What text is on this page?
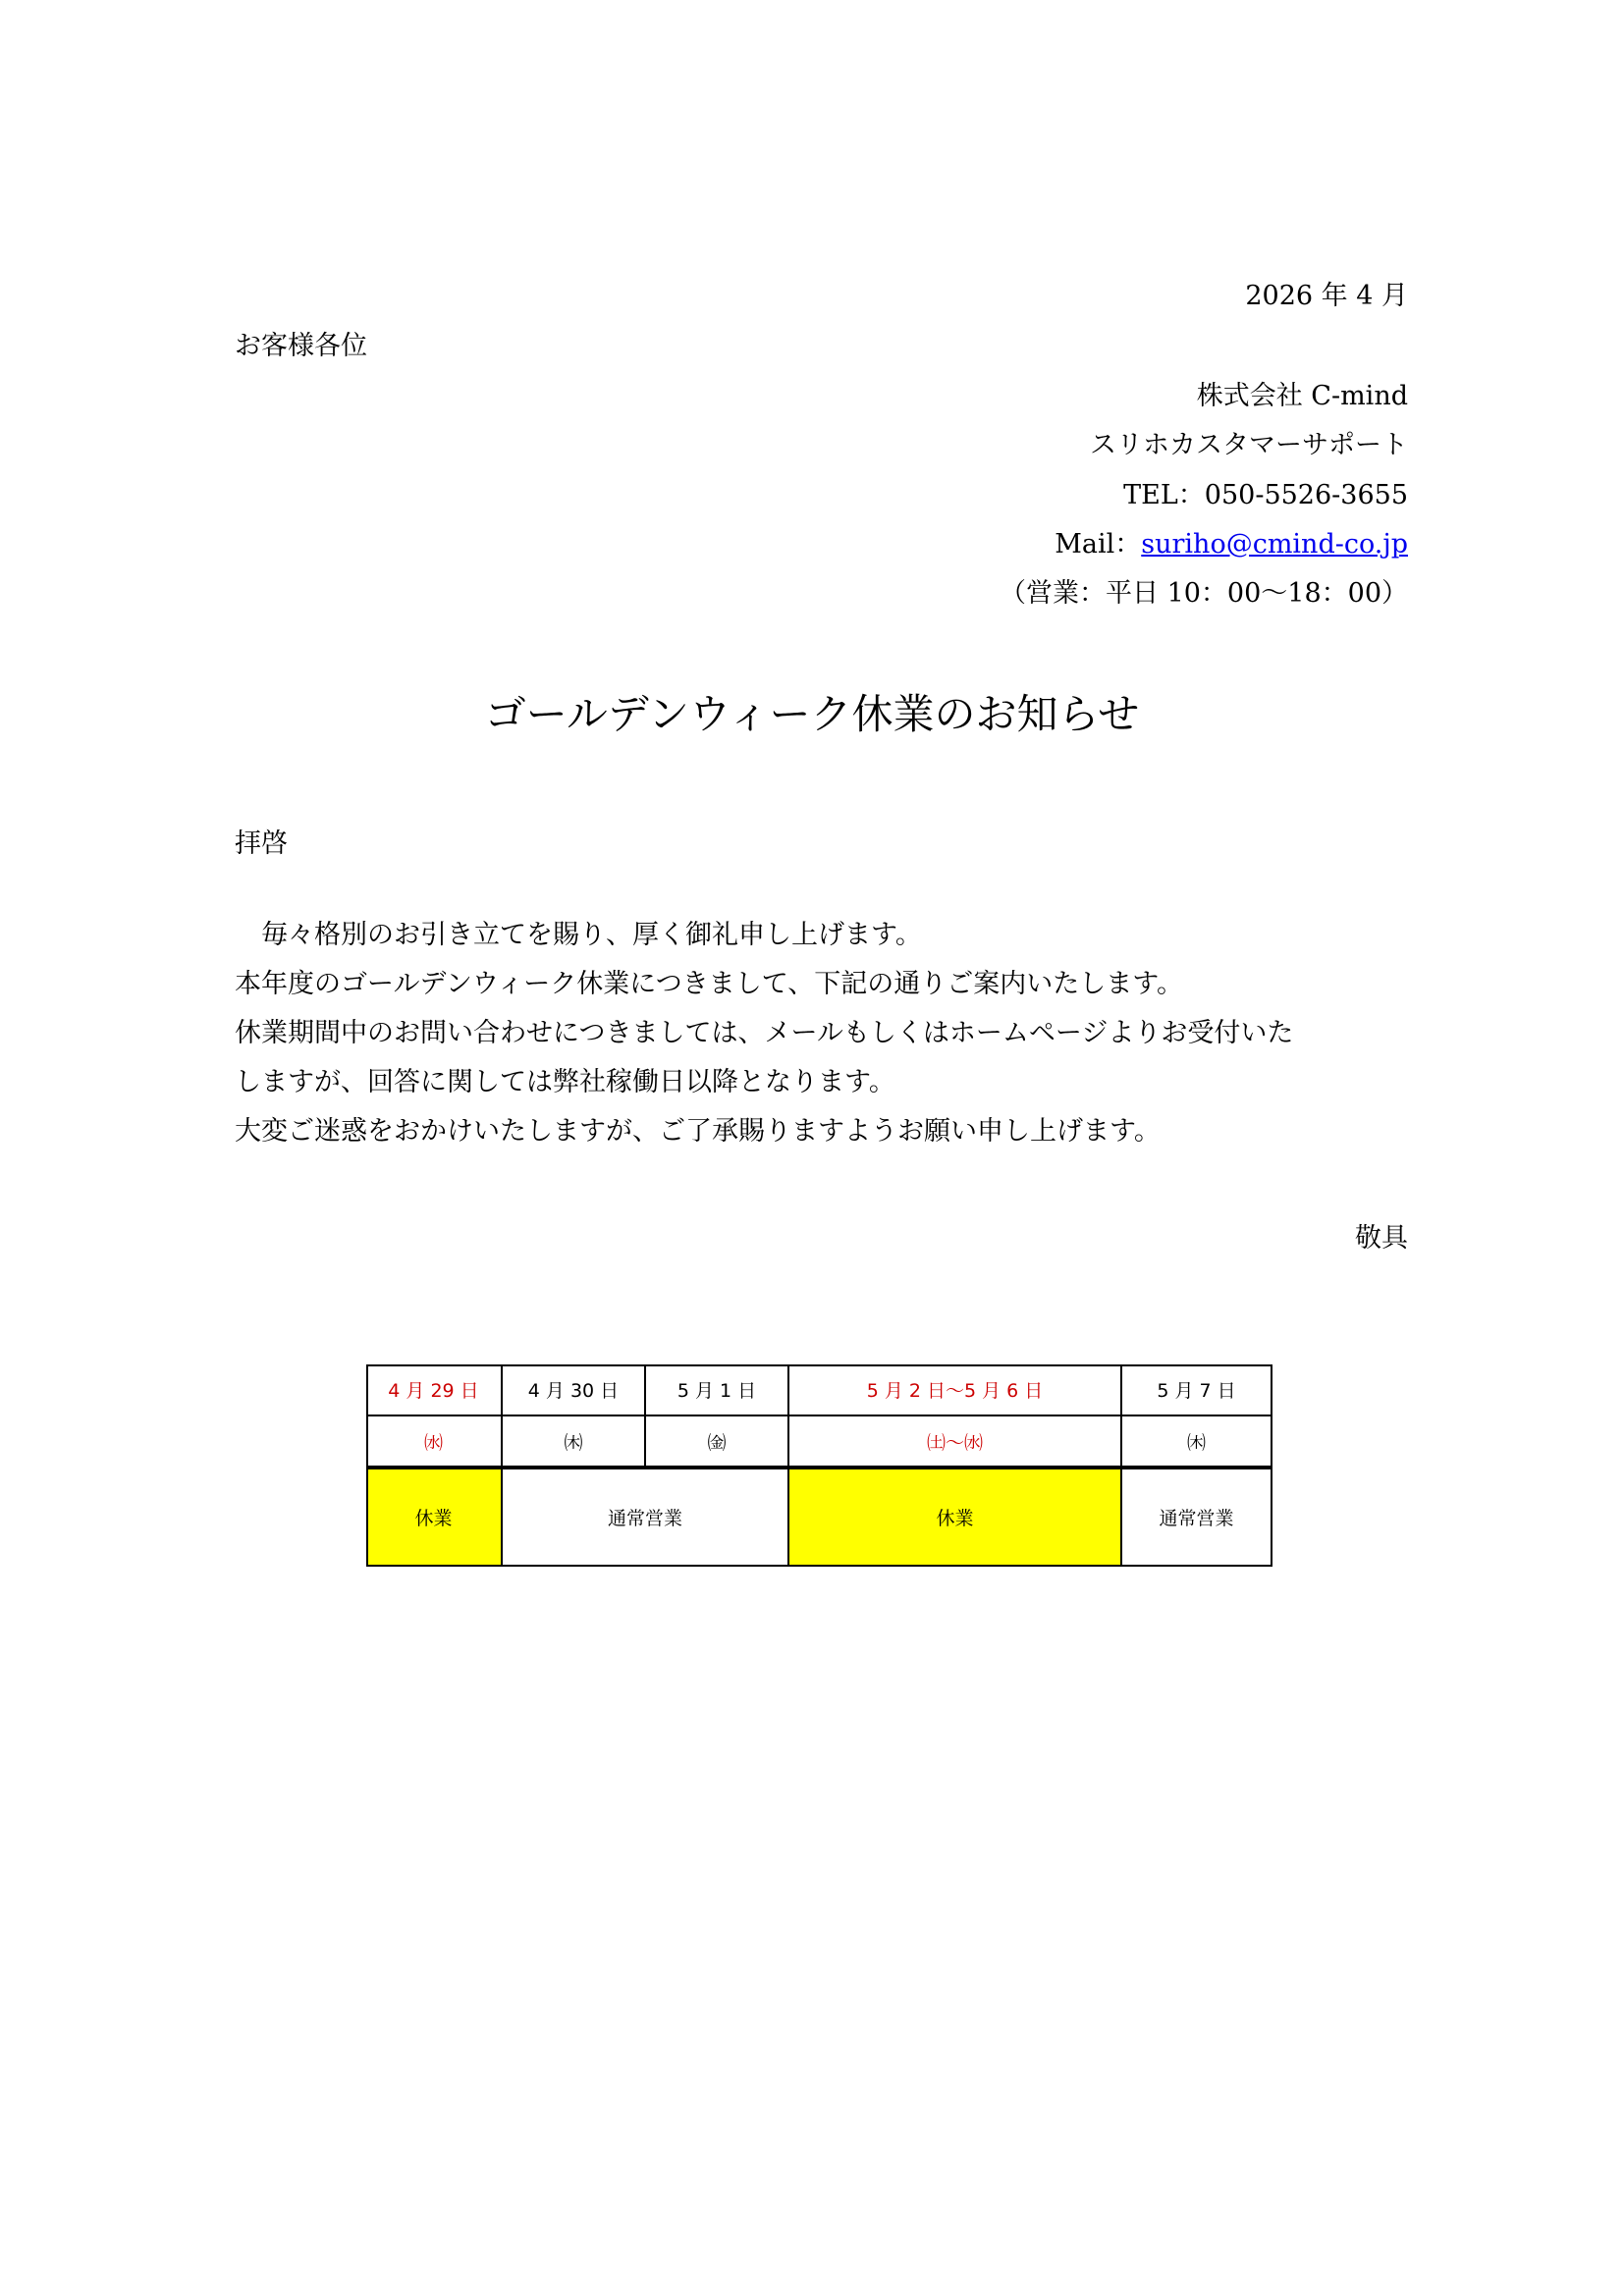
2026 年 4 月
お客様各位
株式会社 C-mind
スリホカスタマーサポート
TEL：050-5526-3655
Mail：suriho@cmind-co.jp
（営業：平日 10：00～18：00）
ゴールデンウィーク休業のお知らせ
拝啓
　毎々格別のお引き立てを賜り、厚く御礼申し上げます。
本年度のゴールデンウィーク休業につきまして、下記の通りご案内いたします。
休業期間中のお問い合わせにつきましては、メールもしくはホームページよりお受付いた
しますが、回答に関しては弊社稼働日以降となります。
大変ご迷惑をおかけいたしますが、ご了承賜りますようお願い申し上げます。
敬具
4 月 29 日	4 月 30 日	5 月 1 日	5 月 2 日～5 月 6 日	5 月 7 日
㈬	㈭	㈮	㈯～㈬	㈭
休業	通常営業	休業	通常営業
